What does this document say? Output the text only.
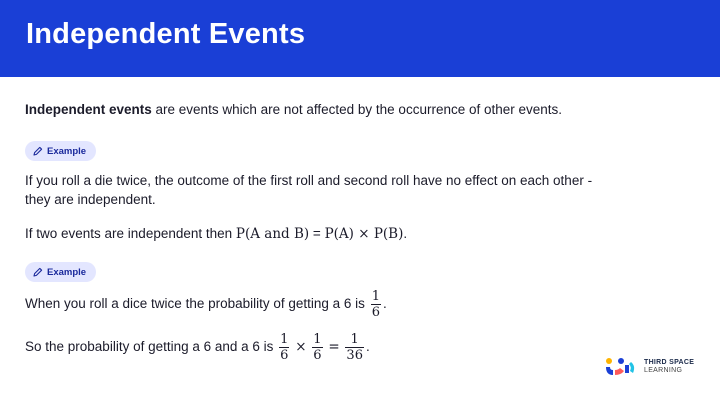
Independent Events
Independent events are events which are not affected by the occurrence of other events.
Example
If you roll a die twice, the outcome of the first roll and second roll have no effect on each other -
they are independent.
If two events are independent then P(A and B) = P(A) × P(B).
Example
When you roll a dice twice the probability of getting a 6 is $\frac{1}{6}$ .
So the probability of getting a 6 and a 6 is $\frac{1}{6} \times \frac{1}{6} = \frac{1}{36}$ .
THIRD SPACE
LEARNING
